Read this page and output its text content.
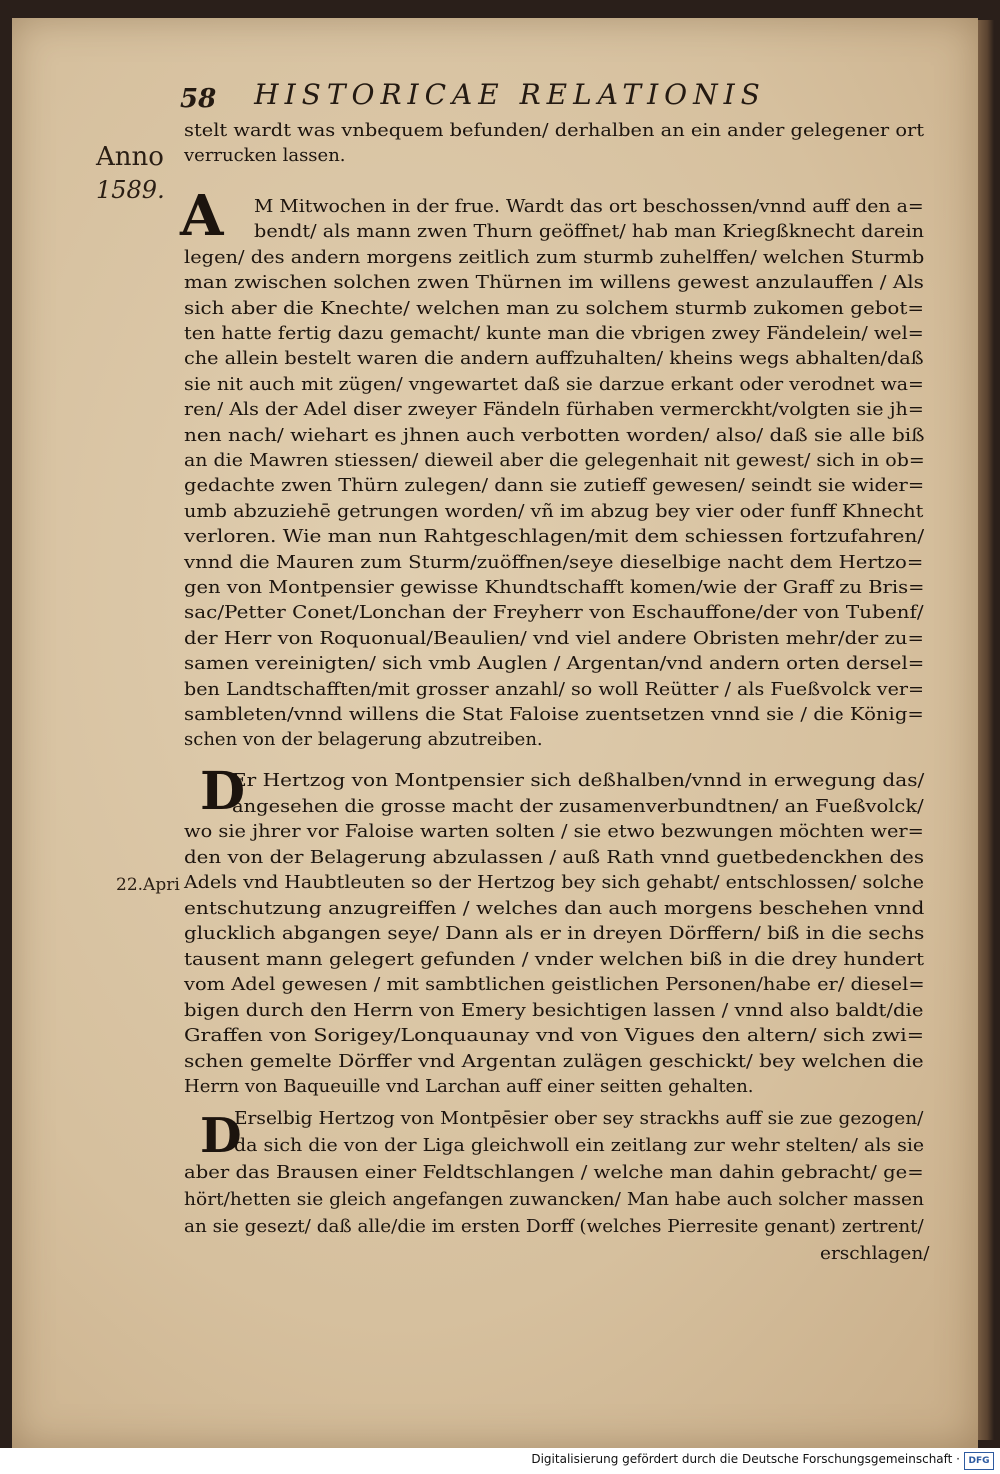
58	HISTORICAE RELATIONIS
Anno
1589.
22.Apri
stelt wardt was vnbequem befunden/ derhalben an ein ander gelegener ort
verrucken lassen.
A M Mitwochen in der frue. Wardt das ort beschossen/vnnd auff den a=
bendt/ als mann zwen Thurn geöffnet/ hab man Kriegßknecht darein
legen/ des andern morgens zeitlich zum sturmb zuhelffen/ welchen Sturmb
man zwischen solchen zwen Thürnen im willens gewest anzulauffen / Als
sich aber die Knechte/ welchen man zu solchem sturmb zukomen gebot=
ten hatte fertig dazu gemacht/ kunte man die vbrigen zwey Fändelein/ wel=
che allein bestelt waren die andern auffzuhalten/ kheins wegs abhalten/daß
sie nit auch mit zügen/ vngewartet daß sie darzue erkant oder verodnet wa=
ren/ Als der Adel diser zweyer Fändeln fürhaben vermerckht/volgten sie jh=
nen nach/ wiehart es jhnen auch verbotten worden/ also/ daß sie alle biß
an die Mawren stiessen/ dieweil aber die gelegenhait nit gewest/ sich in ob=
gedachte zwen Thürn zulegen/ dann sie zutieff gewesen/ seindt sie wider=
umb abzuziehē getrungen worden/ vñ im abzug bey vier oder funff Khnecht
verloren. Wie man nun Rahtgeschlagen/mit dem schiessen fortzufahren/
vnnd die Mauren zum Sturm/zuöffnen/seye dieselbige nacht dem Hertzo=
gen von Montpensier gewisse Khundtschafft komen/wie der Graff zu Bris=
sac/Petter Conet/Lonchan der Freyherr von Eschauffone/der von Tubenf/
der Herr von Roquonual/Beaulien/ vnd viel andere Obristen mehr/der zu=
samen vereinigten/ sich vmb Auglen / Argentan/vnd andern orten dersel=
ben Landtschafften/mit grosser anzahl/ so woll Reütter / als Fueßvolck ver=
sambleten/vnnd willens die Stat Faloise zuentsetzen vnnd sie / die König=
schen von der belagerung abzutreiben.
D
Er Hertzog von Montpensier sich deßhalben/vnnd in erwegung das/
angesehen die grosse macht der zusamenverbundtnen/ an Fueßvolck/
wo sie jhrer vor Faloise warten solten / sie etwo bezwungen möchten wer=
den von der Belagerung abzulassen / auß Rath vnnd guetbedenckhen des
Adels vnd Haubtleuten so der Hertzog bey sich gehabt/ entschlossen/ solche
entschutzung anzugreiffen / welches dan auch morgens beschehen vnnd
glucklich abgangen seye/ Dann als er in dreyen Dörffern/ biß in die sechs
tausent mann gelegert gefunden / vnder welchen biß in die drey hundert
vom Adel gewesen / mit sambtlichen geistlichen Personen/habe er/ diesel=
bigen durch den Herrn von Emery besichtigen lassen / vnnd also baldt/die
Graffen von Sorigey/Lonquaunay vnd von Vigues den altern/ sich zwi=
schen gemelte Dörffer vnd Argentan zulägen geschickt/ bey welchen die
Herrn von Baqueuille vnd Larchan auff einer seitten gehalten.
D
Erselbig Hertzog von Montpēsier ober sey strackhs auff sie zue gezogen/
da sich die von der Liga gleichwoll ein zeitlang zur wehr stelten/ als sie
aber das Brausen einer Feldtschlangen / welche man dahin gebracht/ ge=
hört/hetten sie gleich angefangen zuwancken/ Man habe auch solcher massen
an sie gesezt/ daß alle/die im ersten Dorff (welches Pierresite genant) zertrent/
erschlagen/
Digitalisierung gefördert durch die Deutsche Forschungsgemeinschaft · DFG
